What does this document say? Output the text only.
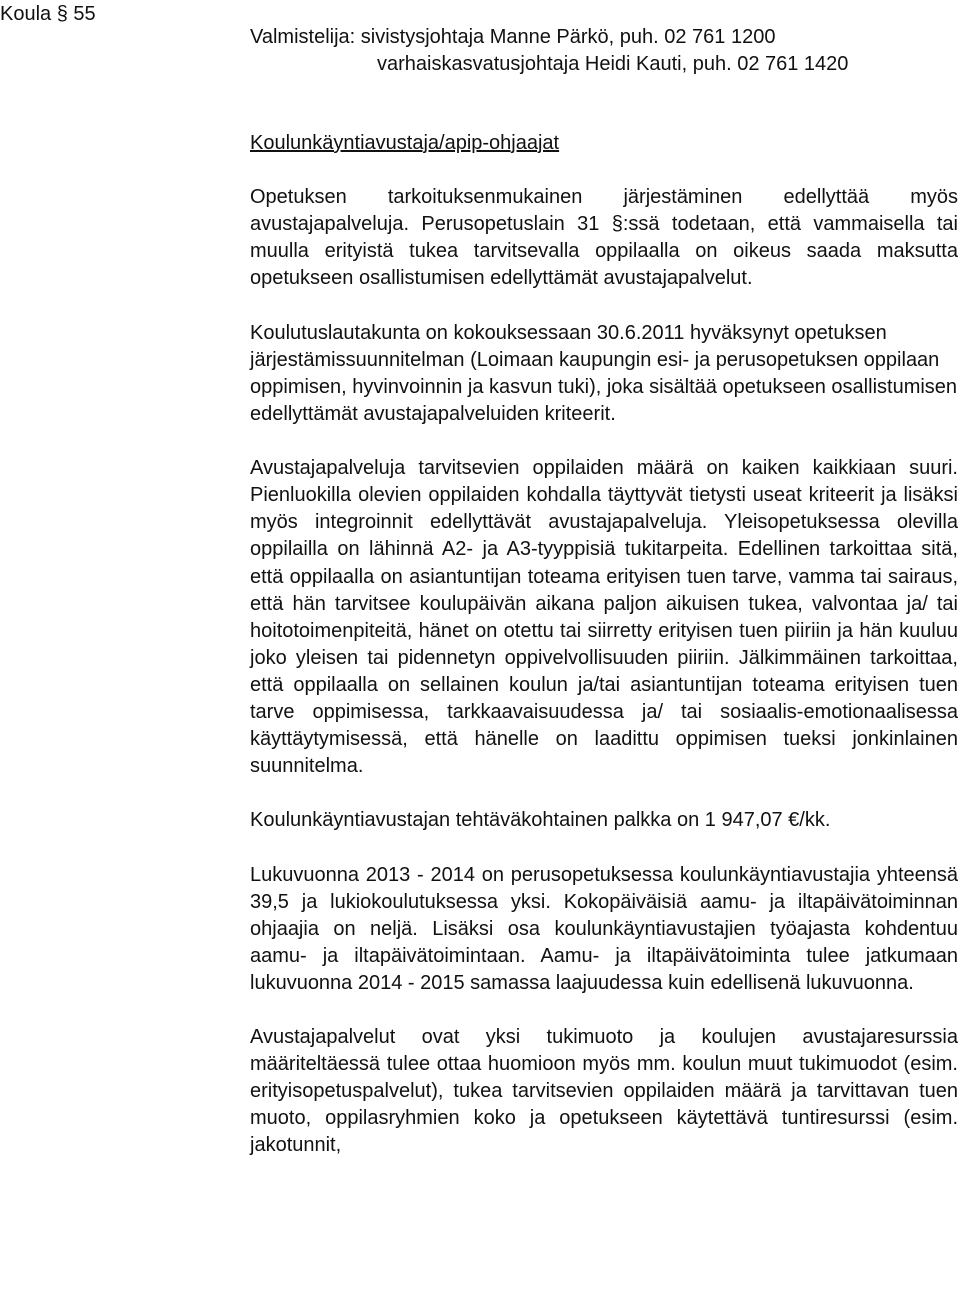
Koula § 55
Valmistelija: sivistysjohtaja Manne Pärkö, puh. 02 761 1200
varhaiskasvatusjohtaja Heidi Kauti, puh. 02 761 1420

Koulunkäyntiavustaja/apip-ohjaajat

Opetuksen tarkoituksenmukainen järjestäminen edellyttää myös avustajapalveluja. Perusopetuslain 31 §:ssä todetaan, että vammaisella tai muulla erityistä tukea tarvitsevalla oppilaalla on oikeus saada maksutta opetukseen osallistumisen edellyttämät avustajapalvelut.

Koulutuslautakunta on kokouksessaan 30.6.2011 hyväksynyt opetuksen järjestämissuunnitelman (Loimaan kaupungin esi- ja perusopetuksen oppilaan oppimisen, hyvinvoinnin ja kasvun tuki), joka sisältää opetukseen osallistumisen edellyttämät avustajapalveluiden kriteerit.

Avustajapalveluja tarvitsevien oppilaiden määrä on kaiken kaikkiaan suuri. Pienluokilla olevien oppilaiden kohdalla täyttyvät tietysti useat kriteerit ja lisäksi myös integroinnit edellyttävät avustajapalveluja. Yleisopetuksessa olevilla oppilailla on lähinnä A2- ja A3-tyyppisiä tukitarpeita. Edellinen tarkoittaa sitä, että oppilaalla on asiantuntijan toteama erityisen tuen tarve, vamma tai sairaus, että hän tarvitsee koulupäivän aikana paljon aikuisen tukea, valvontaa ja/ tai hoitotoimenpiteitä, hänet on otettu tai siirretty erityisen tuen piiriin ja hän kuuluu joko yleisen tai pidennetyn oppivelvollisuuden piiriin. Jälkimmäinen tarkoittaa, että oppilaalla on sellainen koulun ja/tai asiantuntijan toteama erityisen tuen tarve oppimisessa, tarkkaavaisuudessa ja/ tai sosiaalis-emotionaalisessa käyttäytymisessä, että hänelle on laadittu oppimisen tueksi jonkinlainen suunnitelma.

Koulunkäyntiavustajan tehtäväkohtainen palkka on 1 947,07 €/kk.

Lukuvuonna 2013 - 2014 on perusopetuksessa koulunkäyntiavustajia yhteensä 39,5 ja lukiokoulutuksessa yksi. Kokopäiväisiä aamu- ja iltapäivätoiminnan ohjaajia on neljä. Lisäksi osa koulunkäyntiavustajien työajasta kohdentuu aamu- ja iltapäivätoimintaan. Aamu- ja iltapäivätoiminta tulee jatkumaan lukuvuonna 2014 - 2015 samassa laajuudessa kuin edellisenä lukuvuonna.

Avustajapalvelut ovat yksi tukimuoto ja koulujen avustajaresurssia määriteltäessä tulee ottaa huomioon myös mm. koulun muut tukimuodot (esim. erityisopetuspalvelut), tukea tarvitsevien oppilaiden määrä ja tarvittavan tuen muoto, oppilasryhmien koko ja opetukseen käytettävä tuntiresurssi (esim. jakotunnit,
